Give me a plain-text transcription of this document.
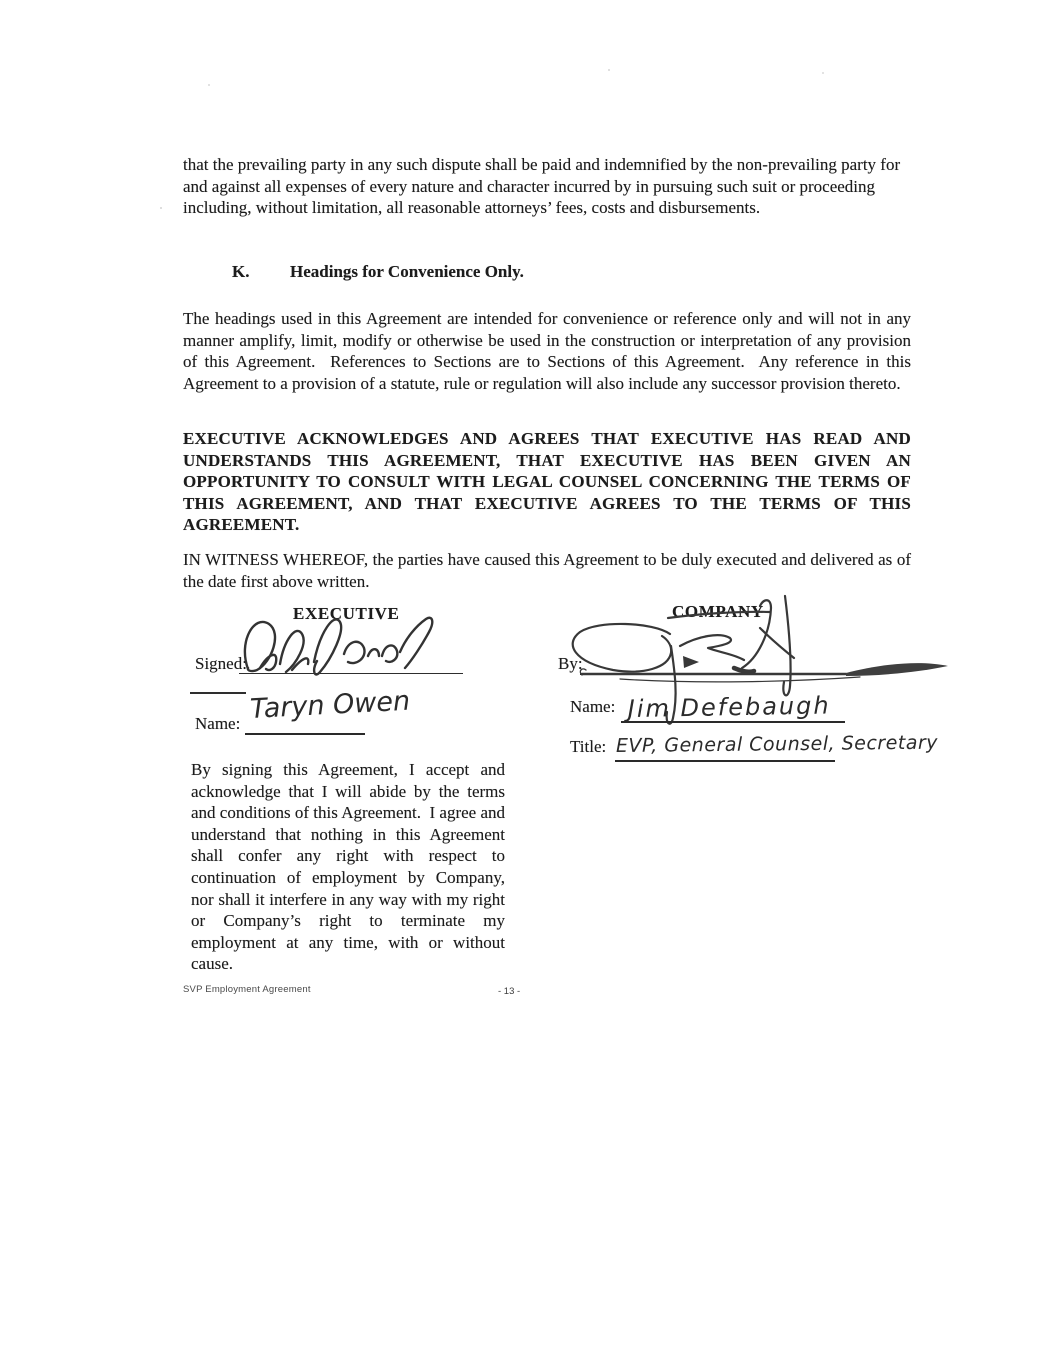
that the prevailing party in any such dispute shall be paid and indemnified by the non-prevailing party for and against all expenses of every nature and character incurred by in pursuing such suit or proceeding including, without limitation, all reasonable attorneys’ fees, costs and disbursements.

K. Headings for Convenience Only.

The headings used in this Agreement are intended for convenience or reference only and will not in any manner amplify, limit, modify or otherwise be used in the construction or interpretation of any provision of this Agreement.  References to Sections are to Sections of this Agreement.  Any reference in this Agreement to a provision of a statute, rule or regulation will also include any successor provision thereto.

EXECUTIVE ACKNOWLEDGES AND AGREES THAT EXECUTIVE HAS READ AND UNDERSTANDS THIS AGREEMENT, THAT EXECUTIVE HAS BEEN GIVEN AN OPPORTUNITY TO CONSULT WITH LEGAL COUNSEL CONCERNING THE TERMS OF THIS AGREEMENT, AND THAT EXECUTIVE AGREES TO THE TERMS OF THIS AGREEMENT.

IN WITNESS WHEREOF, the parties have caused this Agreement to be duly executed and delivered as of the date first above written.

EXECUTIVE	COMPANY
Signed:
Name: Taryn Owen

By signing this Agreement, I accept and acknowledge that I will abide by the terms and conditions of this Agreement.  I agree and understand that nothing in this Agreement shall confer any right with respect to continuation of employment by Company, nor shall it interfere in any way with my right or Company’s right to terminate my employment at any time, with or without cause.

By:
Name: Jim Defebaugh
Title: EVP, General Counsel, Secretary
SVP Employment Agreement	- 13 -
